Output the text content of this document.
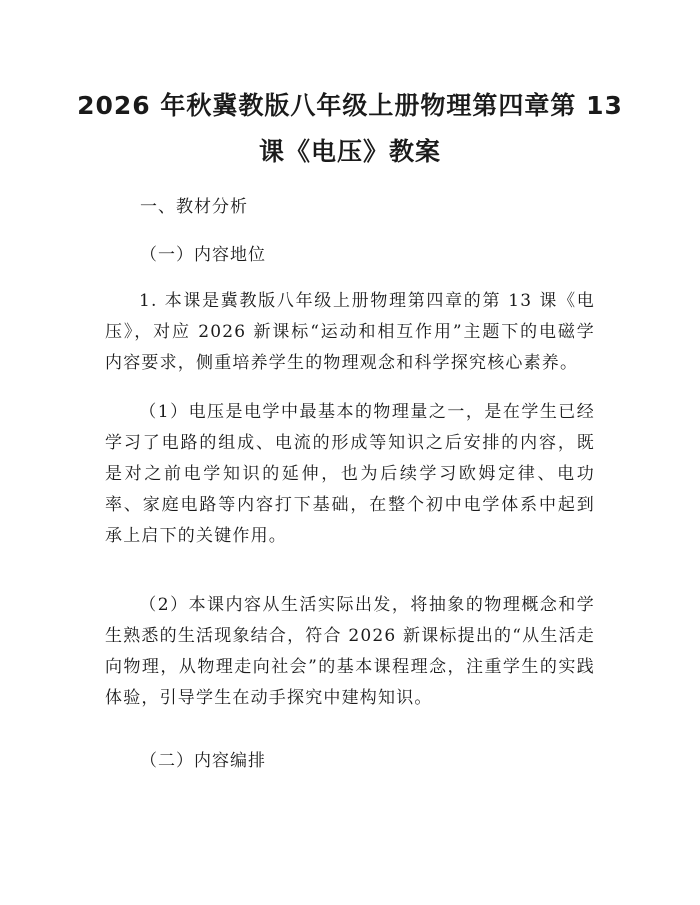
2026 年秋冀教版八年级上册物理第四章第 13
课《电压》教案
一、教材分析
（一）内容地位

1. 本课是冀教版八年级上册物理第四章的第 13 课《电压》，对应 2026 新课标“运动和相互作用”主题下的电磁学内容要求，侧重培养学生的物理观念和科学探究核心素养。

（1）电压是电学中最基本的物理量之一，是在学生已经学习了电路的组成、电流的形成等知识之后安排的内容，既是对之前电学知识的延伸，也为后续学习欧姆定律、电功率、家庭电路等内容打下基础，在整个初中电学体系中起到承上启下的关键作用。

（2）本课内容从生活实际出发，将抽象的物理概念和学生熟悉的生活现象结合，符合 2026 新课标提出的“从生活走向物理，从物理走向社会”的基本课程理念，注重学生的实践体验，引导学生在动手探究中建构知识。

（二）内容编排
